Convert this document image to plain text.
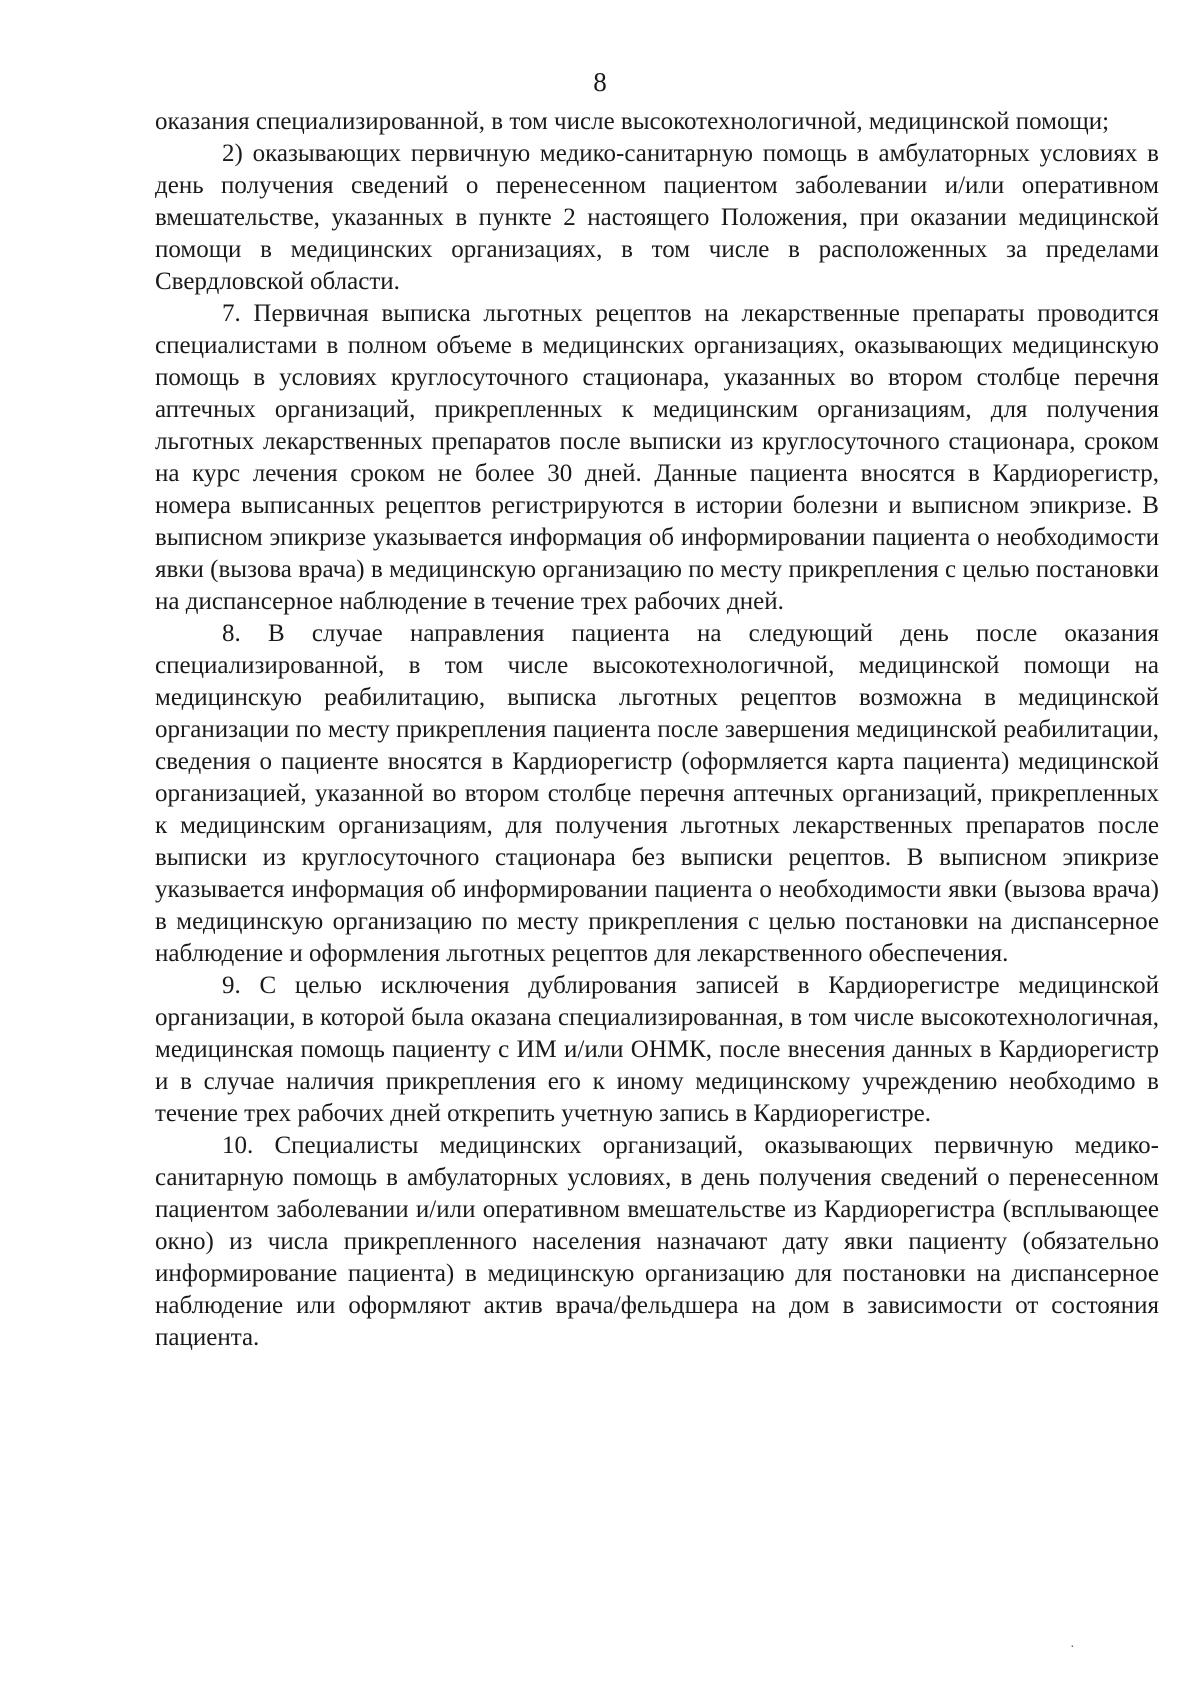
8

оказания специализированной, в том числе высокотехнологичной, медицинской помощи;

2) оказывающих первичную медико-санитарную помощь в амбулаторных условиях в день получения сведений о перенесенном пациентом заболевании и/или оперативном вмешательстве, указанных в пункте 2 настоящего Положения, при оказании медицинской помощи в медицинских организациях, в том числе в расположенных за пределами Свердловской области.

7. Первичная выписка льготных рецептов на лекарственные препараты проводится специалистами в полном объеме в медицинских организациях, оказывающих медицинскую помощь в условиях круглосуточного стационара, указанных во втором столбце перечня аптечных организаций, прикрепленных к медицинским организациям, для получения льготных лекарственных препаратов после выписки из круглосуточного стационара, сроком на курс лечения сроком не более 30 дней. Данные пациента вносятся в Кардиорегистр, номера выписанных рецептов регистрируются в истории болезни и выписном эпикризе. В выписном эпикризе указывается информация об информировании пациента о необходимости явки (вызова врача) в медицинскую организацию по месту прикрепления с целью постановки на диспансерное наблюдение в течение трех рабочих дней.

8. В случае направления пациента на следующий день после оказания специализированной, в том числе высокотехнологичной, медицинской помощи на медицинскую реабилитацию, выписка льготных рецептов возможна в медицинской организации по месту прикрепления пациента после завершения медицинской реабилитации, сведения о пациенте вносятся в Кардиорегистр (оформляется карта пациента) медицинской организацией, указанной во втором столбце перечня аптечных организаций, прикрепленных к медицинским организациям, для получения льготных лекарственных препаратов после выписки из круглосуточного стационара без выписки рецептов. В выписном эпикризе указывается информация об информировании пациента о необходимости явки (вызова врача) в медицинскую организацию по месту прикрепления с целью постановки на диспансерное наблюдение и оформления льготных рецептов для лекарственного обеспечения.

9. С целью исключения дублирования записей в Кардиорегистре медицинской организации, в которой была оказана специализированная, в том числе высокотехнологичная, медицинская помощь пациенту с ИМ и/или ОНМК, после внесения данных в Кардиорегистр и в случае наличия прикрепления его к иному медицинскому учреждению необходимо в течение трех рабочих дней открепить учетную запись в Кардиорегистре.

10. Специалисты медицинских организаций, оказывающих первичную медико-санитарную помощь в амбулаторных условиях, в день получения сведений о перенесенном пациентом заболевании и/или оперативном вмешательстве из Кардиорегистра (всплывающее окно) из числа прикрепленного населения назначают дату явки пациенту (обязательно информирование пациента) в медицинскую организацию для постановки на диспансерное наблюдение или оформляют актив врача/фельдшера на дом в зависимости от состояния пациента.

·
